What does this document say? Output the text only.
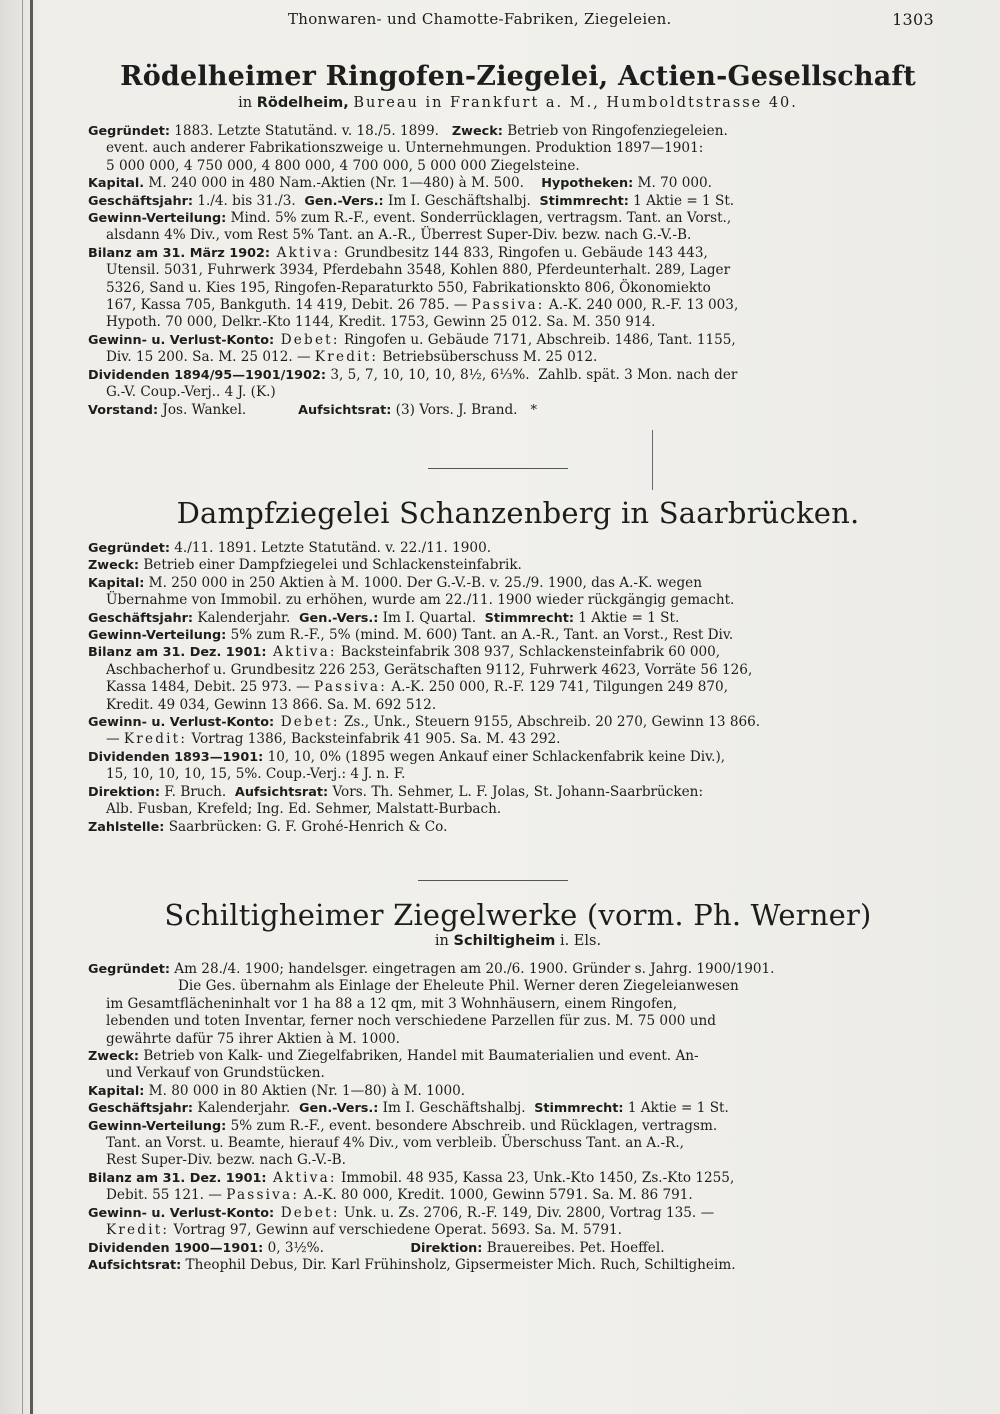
Thonwaren- und Chamotte-Fabriken, Ziegeleien.	1303
Rödelheimer Ringofen-Ziegelei, Actien-Gesellschaft
in Rödelheim, Bureau in Frankfurt a. M., Humboldtstrasse 40.

Gegründet: 1883. Letzte Statutänd. v. 18./5. 1899. Zweck: Betrieb von Ringofenziegeleien.

event. auch anderer Fabrikationszweige u. Unternehmungen. Produktion 1897—1901:

5 000 000, 4 750 000, 4 800 000, 4 700 000, 5 000 000 Ziegelsteine.

Kapital. M. 240 000 in 480 Nam.-Aktien (Nr. 1—480) à M. 500. Hypotheken: M. 70 000.

Geschäftsjahr: 1./4. bis 31./3. Gen.-Vers.: Im I. Geschäftshalbj. Stimmrecht: 1 Aktie = 1 St.

Gewinn-Verteilung: Mind. 5% zum R.-F., event. Sonderrücklagen, vertragsm. Tant. an Vorst.,

alsdann 4% Div., vom Rest 5% Tant. an A.-R., Überrest Super-Div. bezw. nach G.-V.-B.

Bilanz am 31. März 1902: Aktiva: Grundbesitz 144 833, Ringofen u. Gebäude 143 443,

Utensil. 5031, Fuhrwerk 3934, Pferdebahn 3548, Kohlen 880, Pferdeunterhalt. 289, Lager

5326, Sand u. Kies 195, Ringofen-Reparaturkto 550, Fabrikationskto 806, Ökonomiekto

167, Kassa 705, Bankguth. 14 419, Debit. 26 785. — Passiva: A.-K. 240 000, R.-F. 13 003,

Hypoth. 70 000, Delkr.-Kto 1144, Kredit. 1753, Gewinn 25 012. Sa. M. 350 914.

Gewinn- u. Verlust-Konto: Debet: Ringofen u. Gebäude 7171, Abschreib. 1486, Tant. 1155,

Div. 15 200. Sa. M. 25 012. — Kredit: Betriebsüberschuss M. 25 012.

Dividenden 1894/95—1901/1902: 3, 5, 7, 10, 10, 10, 8½, 6⅓%. Zahlb. spät. 3 Mon. nach der

G.-V. Coup.-Verj.. 4 J. (K.)

Vorstand: Jos. Wankel.	Aufsichtsrat: (3) Vors. J. Brand. *

Dampfziegelei Schanzenberg in Saarbrücken.

Gegründet: 4./11. 1891. Letzte Statutänd. v. 22./11. 1900.

Zweck: Betrieb einer Dampfziegelei und Schlackensteinfabrik.

Kapital: M. 250 000 in 250 Aktien à M. 1000. Der G.-V.-B. v. 25./9. 1900, das A.-K. wegen

Übernahme von Immobil. zu erhöhen, wurde am 22./11. 1900 wieder rückgängig gemacht.

Geschäftsjahr: Kalenderjahr. Gen.-Vers.: Im I. Quartal. Stimmrecht: 1 Aktie = 1 St.

Gewinn-Verteilung: 5% zum R.-F., 5% (mind. M. 600) Tant. an A.-R., Tant. an Vorst., Rest Div.

Bilanz am 31. Dez. 1901: Aktiva: Backsteinfabrik 308 937, Schlackensteinfabrik 60 000,

Aschbacherhof u. Grundbesitz 226 253, Gerätschaften 9112, Fuhrwerk 4623, Vorräte 56 126,

Kassa 1484, Debit. 25 973. — Passiva: A.-K. 250 000, R.-F. 129 741, Tilgungen 249 870,

Kredit. 49 034, Gewinn 13 866. Sa. M. 692 512.

Gewinn- u. Verlust-Konto: Debet: Zs., Unk., Steuern 9155, Abschreib. 20 270, Gewinn 13 866.

— Kredit: Vortrag 1386, Backsteinfabrik 41 905. Sa. M. 43 292.

Dividenden 1893—1901: 10, 10, 0% (1895 wegen Ankauf einer Schlackenfabrik keine Div.),

15, 10, 10, 10, 15, 5%. Coup.-Verj.: 4 J. n. F.

Direktion: F. Bruch. Aufsichtsrat: Vors. Th. Sehmer, L. F. Jolas, St. Johann-Saarbrücken:

Alb. Fusban, Krefeld; Ing. Ed. Sehmer, Malstatt-Burbach.

Zahlstelle: Saarbrücken: G. F. Grohé-Henrich & Co.

Schiltigheimer Ziegelwerke (vorm. Ph. Werner)
in Schiltigheim i. Els.

Gegründet: Am 28./4. 1900; handelsger. eingetragen am 20./6. 1900. Gründer s. Jahrg. 1900/1901.

Die Ges. übernahm als Einlage der Eheleute Phil. Werner deren Ziegeleianwesen

im Gesamtflächeninhalt vor 1 ha 88 a 12 qm, mit 3 Wohnhäusern, einem Ringofen,

lebenden und toten Inventar, ferner noch verschiedene Parzellen für zus. M. 75 000 und

gewährte dafür 75 ihrer Aktien à M. 1000.

Zweck: Betrieb von Kalk- und Ziegelfabriken, Handel mit Baumaterialien und event. An-

und Verkauf von Grundstücken.

Kapital: M. 80 000 in 80 Aktien (Nr. 1—80) à M. 1000.

Geschäftsjahr: Kalenderjahr. Gen.-Vers.: Im I. Geschäftshalbj. Stimmrecht: 1 Aktie = 1 St.

Gewinn-Verteilung: 5% zum R.-F., event. besondere Abschreib. und Rücklagen, vertragsm.

Tant. an Vorst. u. Beamte, hierauf 4% Div., vom verbleib. Überschuss Tant. an A.-R.,

Rest Super-Div. bezw. nach G.-V.-B.

Bilanz am 31. Dez. 1901: Aktiva: Immobil. 48 935, Kassa 23, Unk.-Kto 1450, Zs.-Kto 1255,

Debit. 55 121. — Passiva: A.-K. 80 000, Kredit. 1000, Gewinn 5791. Sa. M. 86 791.

Gewinn- u. Verlust-Konto: Debet: Unk. u. Zs. 2706, R.-F. 149, Div. 2800, Vortrag 135. —

Kredit: Vortrag 97, Gewinn auf verschiedene Operat. 5693. Sa. M. 5791.

Dividenden 1900—1901: 0, 3½%.	Direktion: Brauereibes. Pet. Hoeffel.

Aufsichtsrat: Theophil Debus, Dir. Karl Frühinsholz, Gipsermeister Mich. Ruch, Schiltigheim.
